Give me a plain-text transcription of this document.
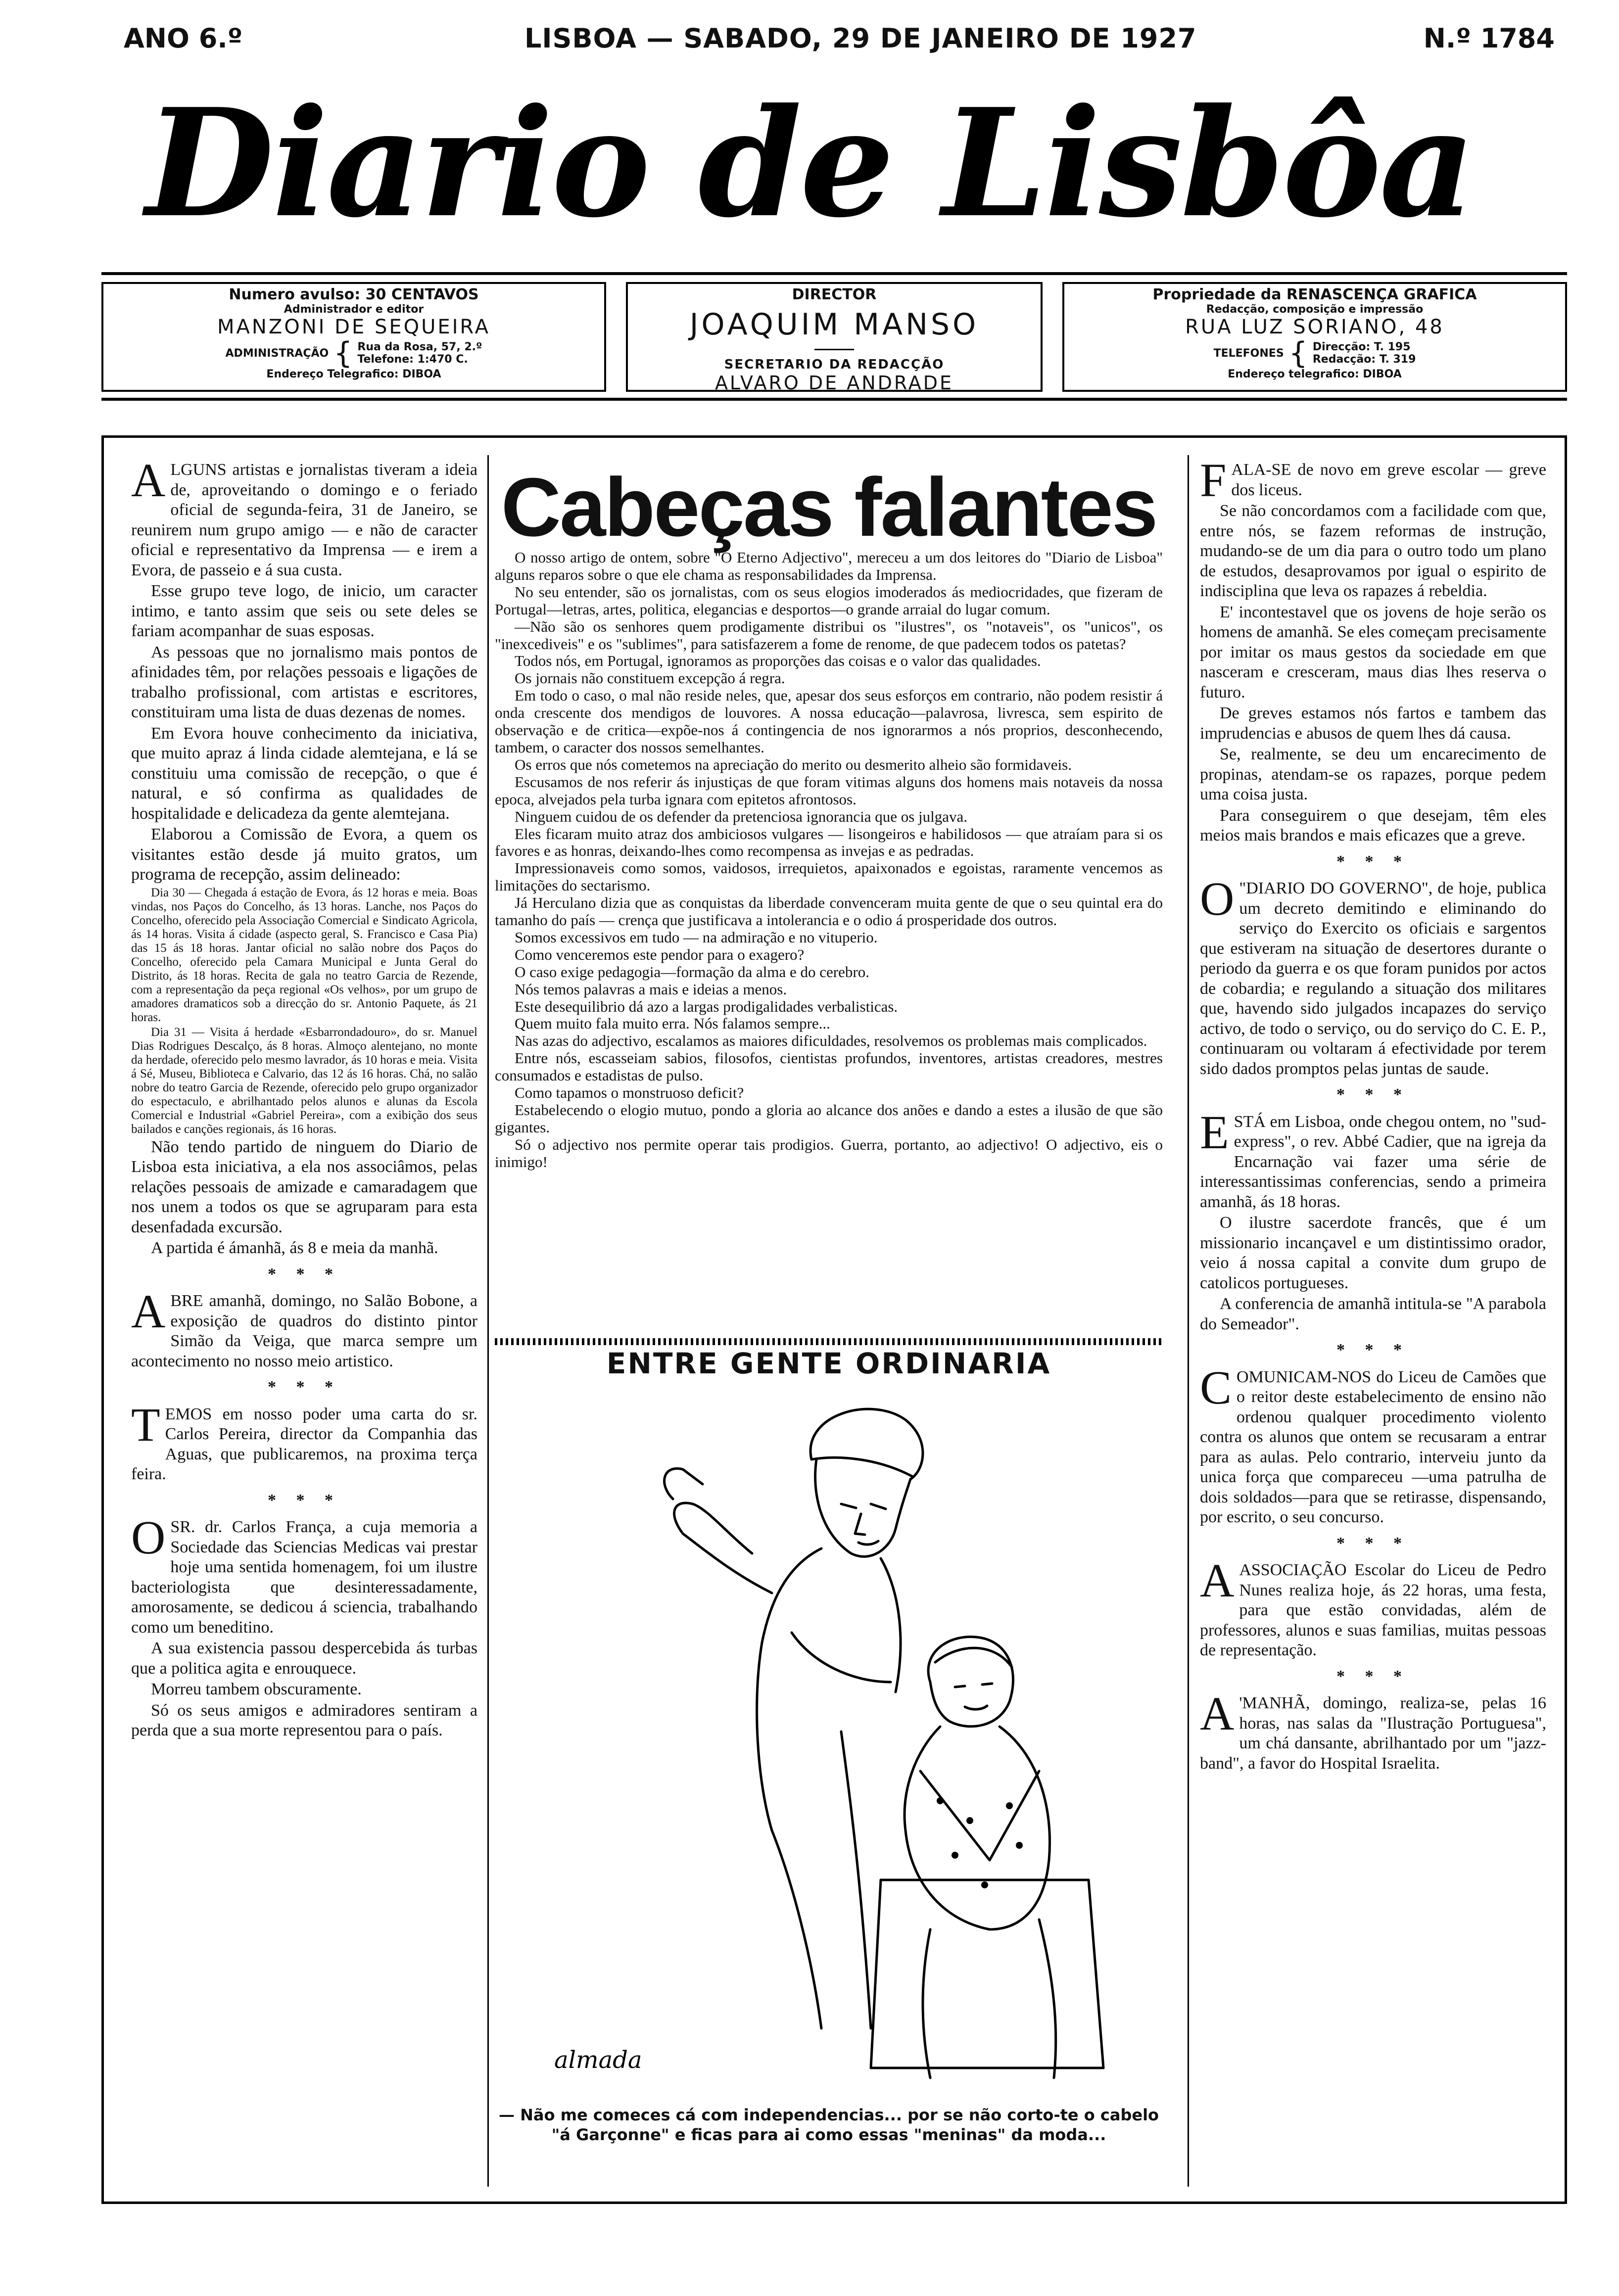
ANO 6.º	LISBOA — SABADO, 29 DE JANEIRO DE 1927	N.º 1784
Diario de Lisbôa
Numero avulso: 30 CENTAVOS
Administrador e editor
MANZONI DE SEQUEIRA
ADMINISTRAÇÃO { Rua da Rosa, 57, 2.º
Telefone: 1:470 C.
Endereço Telegrafico: DIBOA
DIRECTOR
JOAQUIM MANSO
SECRETARIO DA REDACÇÃO
ALVARO DE ANDRADE
Propriedade da RENASCENÇA GRAFICA
Redacção, composição e impressão
RUA LUZ SORIANO, 48
TELEFONES { Direcção: T. 195
Redacção: T. 319
Endereço telegrafico: DIBOA

ALGUNS artistas e jornalistas tiveram a ideia de, aproveitando o domingo e o feriado oficial de segunda-feira, 31 de Janeiro, se reunirem num grupo amigo — e não de caracter oficial e representativo da Imprensa — e irem a Evora, de passeio e á sua custa.

Esse grupo teve logo, de inicio, um caracter intimo, e tanto assim que seis ou sete deles se fariam acompanhar de suas esposas.

As pessoas que no jornalismo mais pontos de afinidades têm, por relações pessoais e ligações de trabalho profissional, com artistas e escritores, constituiram uma lista de duas dezenas de nomes.

Em Evora houve conhecimento da iniciativa, que muito apraz á linda cidade alemtejana, e lá se constituiu uma comissão de recepção, o que é natural, e só confirma as qualidades de hospitalidade e delicadeza da gente alemtejana.

Elaborou a Comissão de Evora, a quem os visitantes estão desde já muito gratos, um programa de recepção, assim delineado:

Dia 30 — Chegada á estação de Evora, ás 12 horas e meia. Boas vindas, nos Paços do Concelho, ás 13 horas. Lanche, nos Paços do Concelho, oferecido pela Associação Comercial e Sindicato Agricola, ás 14 horas. Visita á cidade (aspecto geral, S. Francisco e Casa Pia) das 15 ás 18 horas. Jantar oficial no salão nobre dos Paços do Concelho, oferecido pela Camara Municipal e Junta Geral do Distrito, ás 18 horas. Recita de gala no teatro Garcia de Rezende, com a representação da peça regional «Os velhos», por um grupo de amadores dramaticos sob a direcção do sr. Antonio Paquete, ás 21 horas.

Dia 31 — Visita á herdade «Esbarrondadouro», do sr. Manuel Dias Rodrigues Descalço, ás 8 horas. Almoço alentejano, no monte da herdade, oferecido pelo mesmo lavrador, ás 10 horas e meia. Visita á Sé, Museu, Biblioteca e Calvario, das 12 ás 16 horas. Chá, no salão nobre do teatro Garcia de Rezende, oferecido pelo grupo organizador do espectaculo, e abrilhantado pelos alunos e alunas da Escola Comercial e Industrial «Gabriel Pereira», com a exibição dos seus bailados e canções regionais, ás 16 horas.

Não tendo partido de ninguem do Diario de Lisboa esta iniciativa, a ela nos associâmos, pelas relações pessoais de amizade e camaradagem que nos unem a todos os que se agruparam para esta desenfadada excursão.

A partida é ámanhã, ás 8 e meia da manhã.

* * *

ABRE amanhã, domingo, no Salão Bobone, a exposição de quadros do distinto pintor Simão da Veiga, que marca sempre um acontecimento no nosso meio artistico.

* * *

TEMOS em nosso poder uma carta do sr. Carlos Pereira, director da Companhia das Aguas, que publicaremos, na proxima terça feira.

* * *

OSR. dr. Carlos França, a cuja memoria a Sociedade das Sciencias Medicas vai prestar hoje uma sentida homenagem, foi um ilustre bacteriologista que desinteressadamente, amorosamente, se dedicou á sciencia, trabalhando como um beneditino.

A sua existencia passou despercebida ás turbas que a politica agita e enrouquece.

Morreu tambem obscuramente.

Só os seus amigos e admiradores sentiram a perda que a sua morte representou para o país.

Cabeças falantes

O nosso artigo de ontem, sobre "O Eterno Adjectivo", mereceu a um dos leitores do "Diario de Lisboa" alguns reparos sobre o que ele chama as responsabilidades da Imprensa.

No seu entender, são os jornalistas, com os seus elogios imoderados ás mediocridades, que fizeram de Portugal—letras, artes, politica, elegancias e desportos—o grande arraial do lugar comum.

—Não são os senhores quem prodigamente distribui os "ilustres", os "notaveis", os "unicos", os "inexcediveis" e os "sublimes", para satisfazerem a fome de renome, de que padecem todos os patetas?

Todos nós, em Portugal, ignoramos as proporções das coisas e o valor das qualidades.

Os jornais não constituem excepção á regra.

Em todo o caso, o mal não reside neles, que, apesar dos seus esforços em contrario, não podem resistir á onda crescente dos mendigos de louvores. A nossa educação—palavrosa, livresca, sem espirito de observação e de critica—expõe-nos á contingencia de nos ignorarmos a nós proprios, desconhecendo, tambem, o caracter dos nossos semelhantes.

Os erros que nós cometemos na apreciação do merito ou desmerito alheio são formidaveis.

Escusamos de nos referir ás injustiças de que foram vitimas alguns dos homens mais notaveis da nossa epoca, alvejados pela turba ignara com epitetos afrontosos.

Ninguem cuidou de os defender da pretenciosa ignorancia que os julgava.

Eles ficaram muito atraz dos ambiciosos vulgares — lisongeiros e habilidosos — que atraíam para si os favores e as honras, deixando-lhes como recompensa as invejas e as pedradas.

Impressionaveis como somos, vaidosos, irrequietos, apaixonados e egoistas, raramente vencemos as limitações do sectarismo.

Já Herculano dizia que as conquistas da liberdade convenceram muita gente de que o seu quintal era do tamanho do país — crença que justificava a intolerancia e o odio á prosperidade dos outros.

Somos excessivos em tudo — na admiração e no vituperio.

Como venceremos este pendor para o exagero?

O caso exige pedagogia—formação da alma e do cerebro.

Nós temos palavras a mais e ideias a menos.

Este desequilibrio dá azo a largas prodigalidades verbalisticas.

Quem muito fala muito erra. Nós falamos sempre...

Nas azas do adjectivo, escalamos as maiores dificuldades, resolvemos os problemas mais complicados.

Entre nós, escasseiam sabios, filosofos, cientistas profundos, inventores, artistas creadores, mestres consumados e estadistas de pulso.

Como tapamos o monstruoso deficit?

Estabelecendo o elogio mutuo, pondo a gloria ao alcance dos anões e dando a estes a ilusão de que são gigantes.

Só o adjectivo nos permite operar tais prodigios. Guerra, portanto, ao adjectivo! O adjectivo, eis o inimigo!

ENTRE GENTE ORDINARIA
almada
— Não me comeces cá com independencias... por se não corto-te o cabelo "á Garçonne" e ficas para ai como essas "meninas" da moda...

FALA-SE de novo em greve escolar — greve dos liceus.

Se não concordamos com a facilidade com que, entre nós, se fazem reformas de instrução, mudando-se de um dia para o outro todo um plano de estudos, desaprovamos por igual o espirito de indisciplina que leva os rapazes á rebeldia.

E' incontestavel que os jovens de hoje serão os homens de amanhã. Se eles começam precisamente por imitar os maus gestos da sociedade em que nasceram e cresceram, maus dias lhes reserva o futuro.

De greves estamos nós fartos e tambem das imprudencias e abusos de quem lhes dá causa.

Se, realmente, se deu um encarecimento de propinas, atendam-se os rapazes, porque pedem uma coisa justa.

Para conseguirem o que desejam, têm eles meios mais brandos e mais eficazes que a greve.

* * *

O "DIARIO DO GOVERNO", de hoje, publica um decreto demitindo e eliminando do serviço do Exercito os oficiais e sargentos que estiveram na situação de desertores durante o periodo da guerra e os que foram punidos por actos de cobardia; e regulando a situação dos militares que, havendo sido julgados incapazes do serviço activo, de todo o serviço, ou do serviço do C. E. P., continuaram ou voltaram á efectividade por terem sido dados promptos pelas juntas de saude.

* * *

ESTÁ em Lisboa, onde chegou ontem, no "sud-express", o rev. Abbé Cadier, que na igreja da Encarnação vai fazer uma série de interessantissimas conferencias, sendo a primeira amanhã, ás 18 horas.

O ilustre sacerdote francês, que é um missionario incançavel e um distintissimo orador, veio á nossa capital a convite dum grupo de catolicos portugueses.

A conferencia de amanhã intitula-se "A parabola do Semeador".

* * *

COMUNICAM-NOS do Liceu de Camões que o reitor deste estabelecimento de ensino não ordenou qualquer procedimento violento contra os alunos que ontem se recusaram a entrar para as aulas. Pelo contrario, interveiu junto da unica força que compareceu —uma patrulha de dois soldados—para que se retirasse, dispensando, por escrito, o seu concurso.

* * *

AASSOCIAÇÃO Escolar do Liceu de Pedro Nunes realiza hoje, ás 22 horas, uma festa, para que estão convidadas, além de professores, alunos e suas familias, muitas pessoas de representação.

* * *

A 'MANHÃ, domingo, realiza-se, pelas 16 horas, nas salas da "Ilustração Portuguesa", um chá dansante, abrilhantado por um "jazz-band", a favor do Hospital Israelita.
